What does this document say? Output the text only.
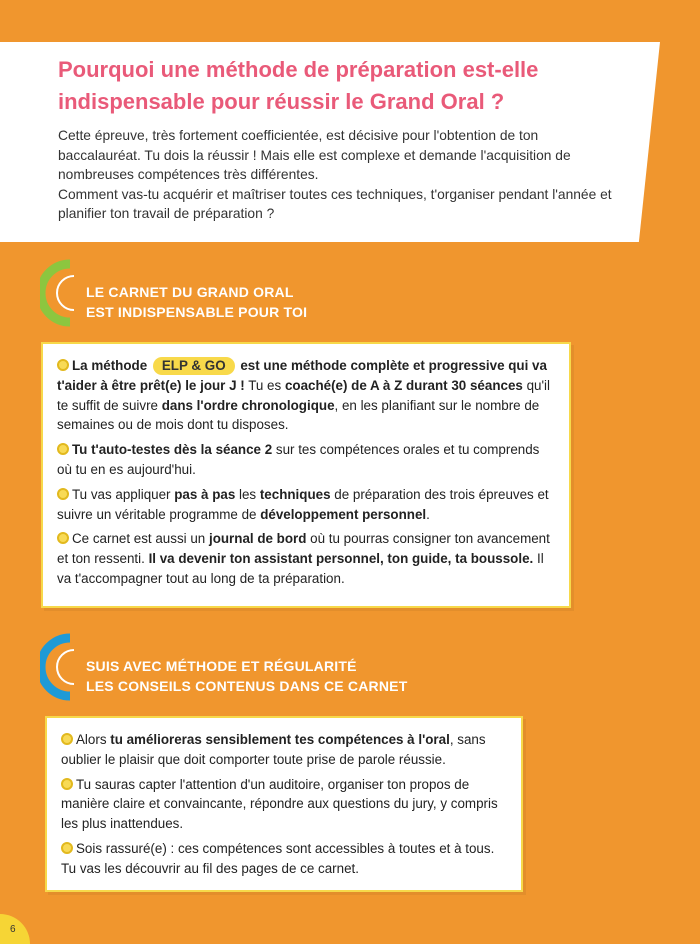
Pourquoi une méthode de préparation est-elle indispensable pour réussir le Grand Oral ?

Cette épreuve, très fortement coefficientée, est décisive pour l'obtention de ton baccalauréat. Tu dois la réussir ! Mais elle est complexe et demande l'acquisition de nombreuses compétences très différentes.

Comment vas-tu acquérir et maîtriser toutes ces techniques, t'organiser pendant l'année et planifier ton travail de préparation ?

LE CARNET DU GRAND ORAL
EST INDISPENSABLE POUR TOI
La méthode ELP & GO est une méthode complète et progressive qui va t'aider à être prêt(e) le jour J ! Tu es coaché(e) de A à Z durant 30 séances qu'il te suffit de suivre dans l'ordre chronologique, en les planifiant sur le nombre de semaines ou de mois dont tu disposes.
Tu t'auto-testes dès la séance 2 sur tes compétences orales et tu comprends où tu en es aujourd'hui.
Tu vas appliquer pas à pas les techniques de préparation des trois épreuves et suivre un véritable programme de développement personnel.
Ce carnet est aussi un journal de bord où tu pourras consigner ton avancement et ton ressenti. Il va devenir ton assistant personnel, ton guide, ta boussole. Il va t'accompagner tout au long de ta préparation.
SUIS AVEC MÉTHODE ET RÉGULARITÉ
LES CONSEILS CONTENUS DANS CE CARNET
Alors tu amélioreras sensiblement tes compétences à l'oral, sans oublier le plaisir que doit comporter toute prise de parole réussie.
Tu sauras capter l'attention d'un auditoire, organiser ton propos de manière claire et convaincante, répondre aux questions du jury, y compris les plus inattendues.
Sois rassuré(e) : ces compétences sont accessibles à toutes et à tous. Tu vas les découvrir au fil des pages de ce carnet.
6
